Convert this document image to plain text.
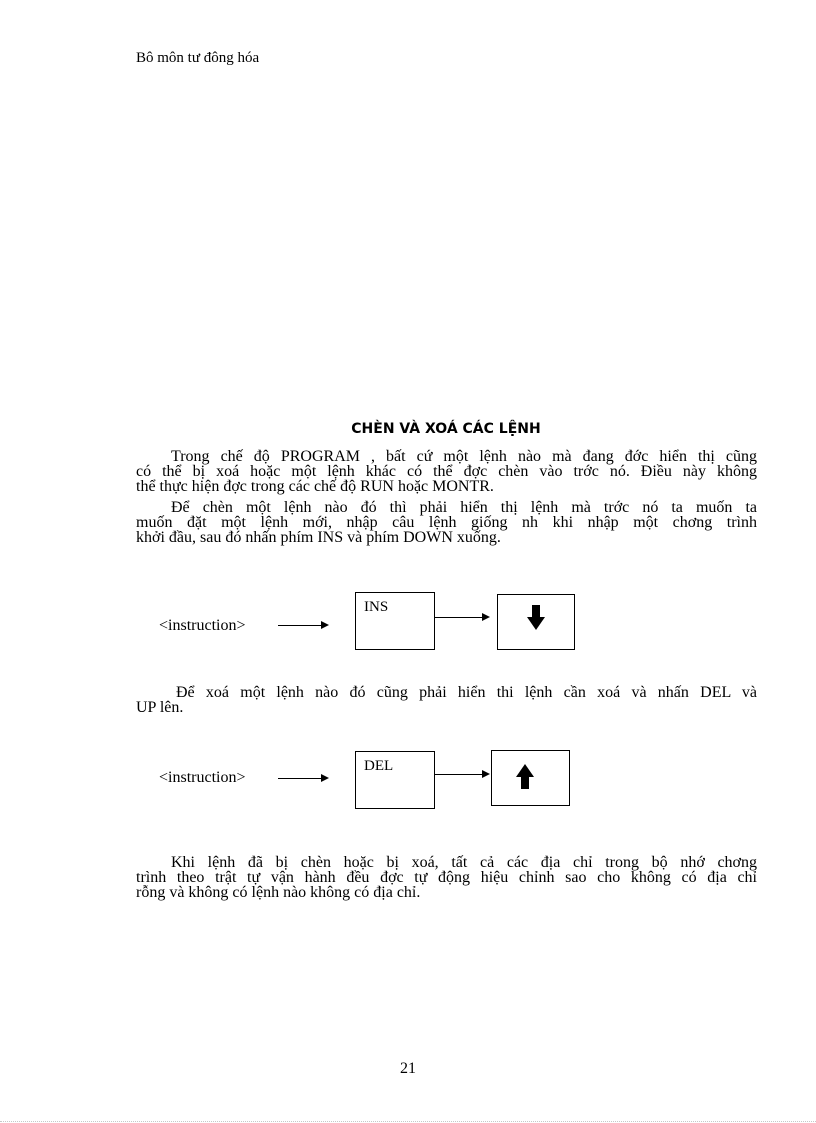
Bô môn tư đông hóa
CHÈN VÀ XOÁ CÁC LỆNH
Trong chế độ PROGRAM , bất cứ một lệnh nào mà đang đớc hiển thị cũng
có thể bị xoá hoặc một lệnh khác có thể đợc chèn vào trớc nó. Điều này không
thể thực hiện đợc trong các chế độ RUN hoặc MONTR.
Để chèn một lệnh nào đó thì phải hiển thị lệnh mà trớc nó ta muốn ta
muốn đặt một lệnh mới, nhập câu lệnh giống nh khi nhập một chơng trình
khởi đầu, sau đó nhấn phím INS và phím DOWN xuống.
<instruction>
INS
Để xoá một lệnh nào đó cũng phải hiển thi lệnh cần xoá và nhấn DEL và
UP lên.
<instruction>
DEL
Khi lệnh đã bị chèn hoặc bị xoá, tất cả các địa chỉ trong bộ nhớ chơng
trình theo trật tự vận hành đều đợc tự động hiệu chỉnh sao cho không có địa chỉ
rỗng và không có lệnh nào không có địa chỉ.
21
